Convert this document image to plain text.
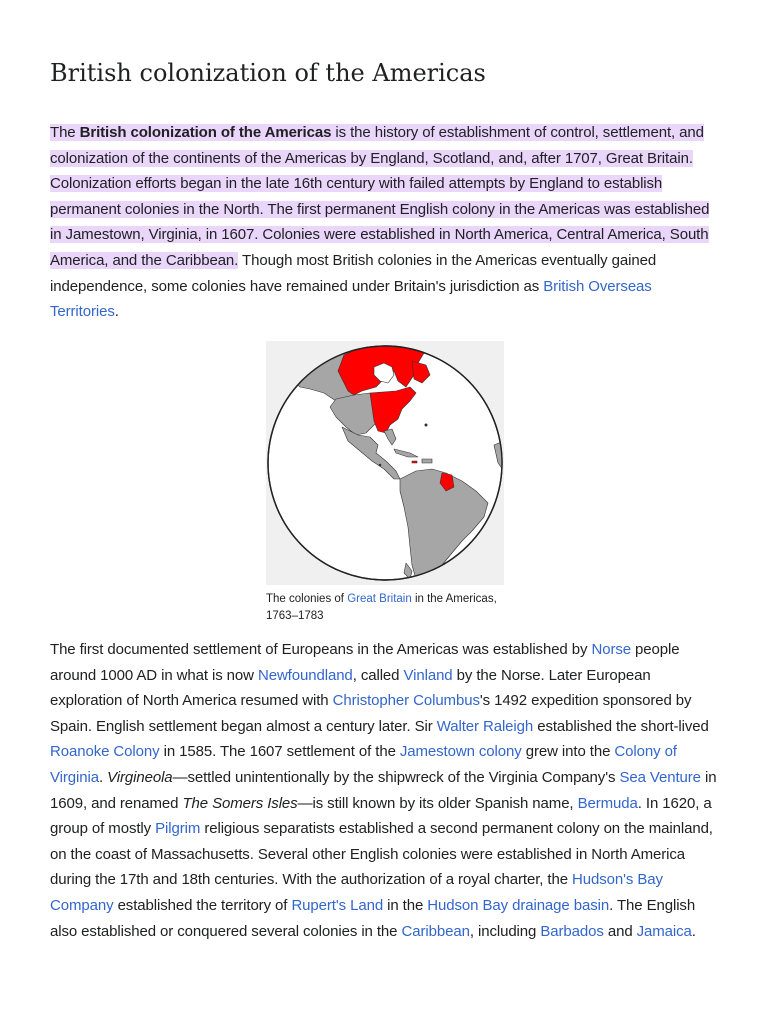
British colonization of the Americas

The British colonization of the Americas is the history of establishment of control, settlement, and colonization of the continents of the Americas by England, Scotland, and, after 1707, Great Britain. Colonization efforts began in the late 16th century with failed attempts by England to establish permanent colonies in the North. The first permanent English colony in the Americas was established in Jamestown, Virginia, in 1607. Colonies were established in North America, Central America, South America, and the Caribbean. Though most British colonies in the Americas eventually gained independence, some colonies have remained under Britain's jurisdiction as British Overseas Territories.

The colonies of Great Britain in the Americas, 1763–1783

The first documented settlement of Europeans in the Americas was established by Norse people around 1000 AD in what is now Newfoundland, called Vinland by the Norse. Later European exploration of North America resumed with Christopher Columbus's 1492 expedition sponsored by Spain. English settlement began almost a century later. Sir Walter Raleigh established the short-lived Roanoke Colony in 1585. The 1607 settlement of the Jamestown colony grew into the Colony of Virginia. Virgineola—settled unintentionally by the shipwreck of the Virginia Company's Sea Venture in 1609, and renamed The Somers Isles—is still known by its older Spanish name, Bermuda. In 1620, a group of mostly Pilgrim religious separatists established a second permanent colony on the mainland, on the coast of Massachusetts. Several other English colonies were established in North America during the 17th and 18th centuries. With the authorization of a royal charter, the Hudson's Bay Company established the territory of Rupert's Land in the Hudson Bay drainage basin. The English also established or conquered several colonies in the Caribbean, including Barbados and Jamaica.
